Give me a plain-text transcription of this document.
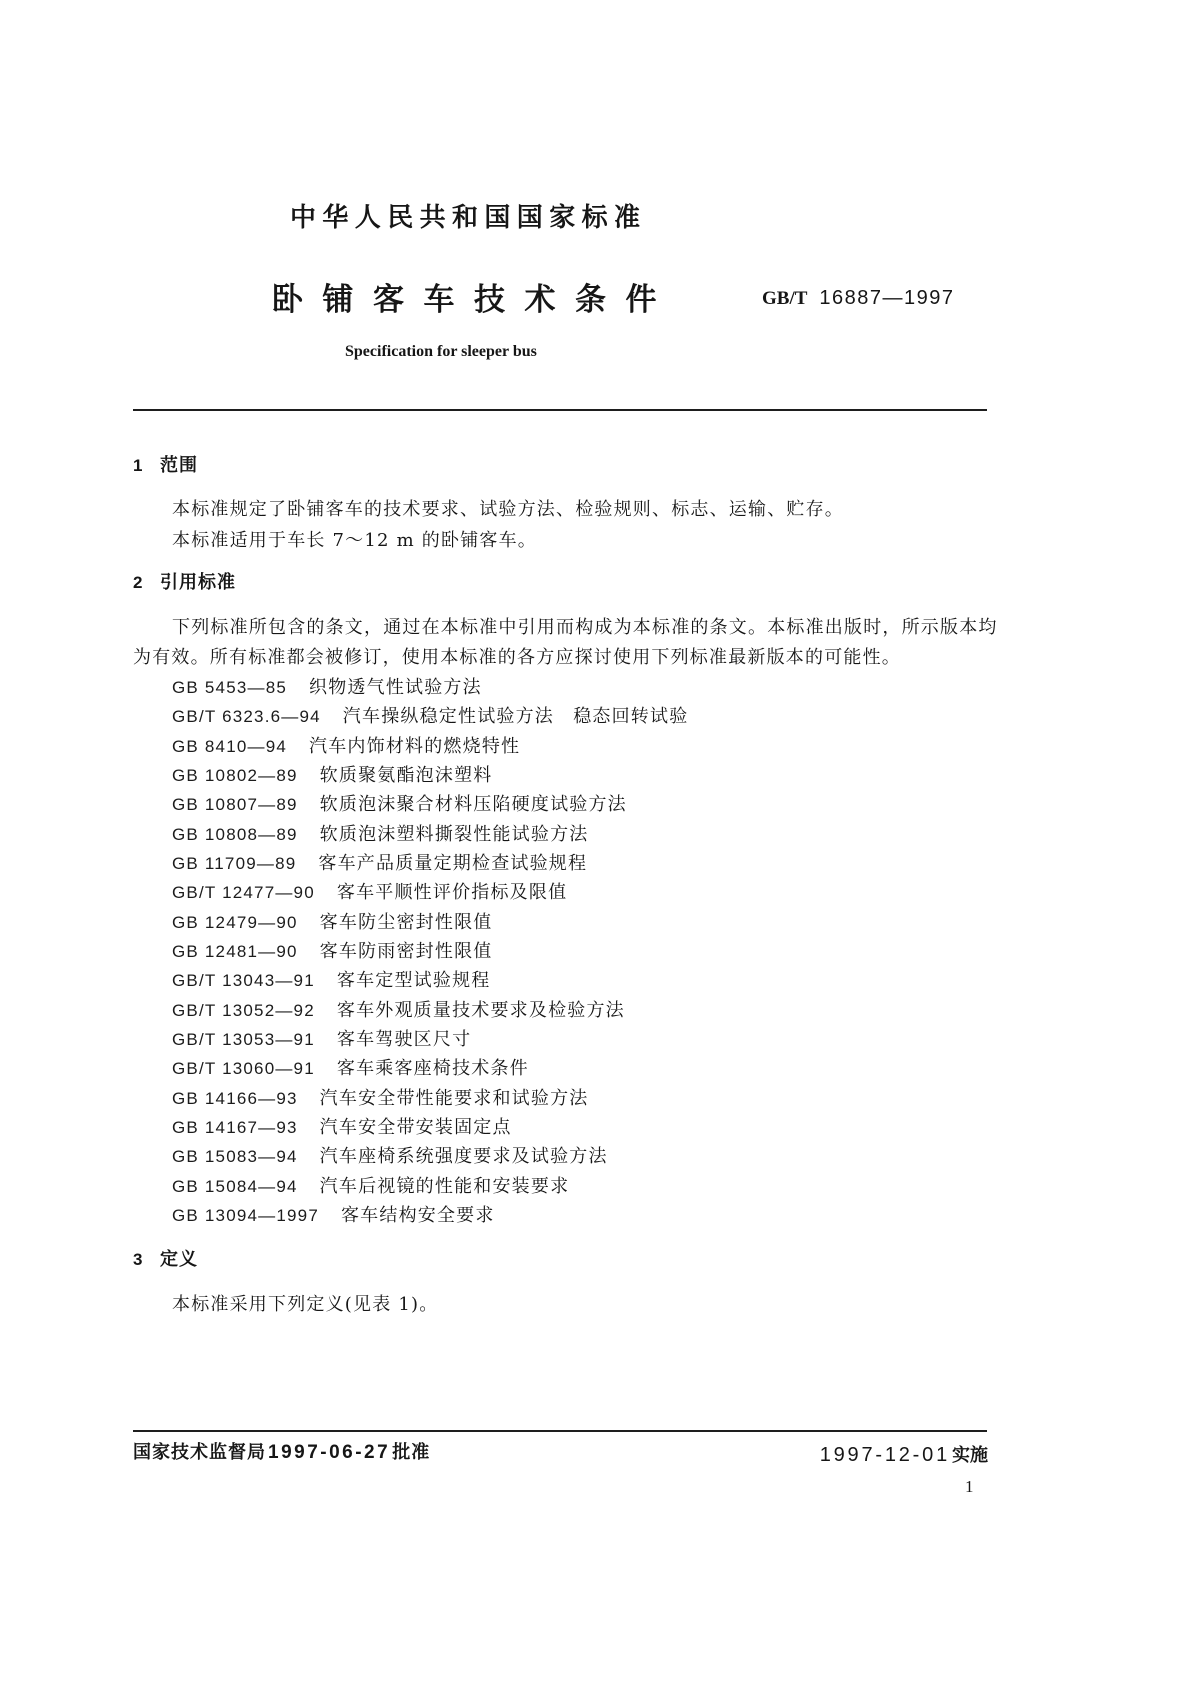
中华人民共和国国家标准
卧铺客车技术条件	GB/T 16887—1997
Specification for sleeper bus
1 范围
本标准规定了卧铺客车的技术要求、试验方法、检验规则、标志、运输、贮存。
本标准适用于车长 7～12 m 的卧铺客车。
2 引用标准
下列标准所包含的条文，通过在本标准中引用而构成为本标准的条文。本标准出版时，所示版本均
为有效。所有标准都会被修订，使用本标准的各方应探讨使用下列标准最新版本的可能性。
GB 5453—85 织物透气性试验方法
GB/T 6323.6—94 汽车操纵稳定性试验方法　稳态回转试验
GB 8410—94 汽车内饰材料的燃烧特性
GB 10802—89 软质聚氨酯泡沫塑料
GB 10807—89 软质泡沫聚合材料压陷硬度试验方法
GB 10808—89 软质泡沫塑料撕裂性能试验方法
GB 11709—89 客车产品质量定期检查试验规程
GB/T 12477—90 客车平顺性评价指标及限值
GB 12479—90 客车防尘密封性限值
GB 12481—90 客车防雨密封性限值
GB/T 13043—91 客车定型试验规程
GB/T 13052—92 客车外观质量技术要求及检验方法
GB/T 13053—91 客车驾驶区尺寸
GB/T 13060—91 客车乘客座椅技术条件
GB 14166—93 汽车安全带性能要求和试验方法
GB 14167—93 汽车安全带安装固定点
GB 15083—94 汽车座椅系统强度要求及试验方法
GB 15084—94 汽车后视镜的性能和安装要求
GB 13094—1997 客车结构安全要求
3 定义
本标准采用下列定义(见表 1)。
国家技术监督局 1997-06-27 批准	1997-12-01 实施
1
